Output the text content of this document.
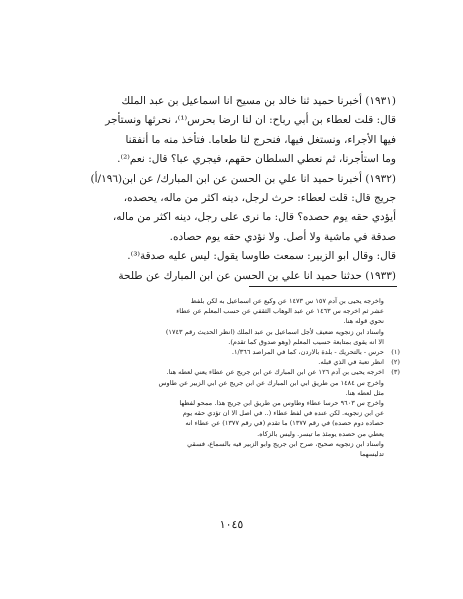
(١٩٣١) أخبرنا حميد ثنا خالد بن مسيح انا اسماعيل بن عبد الملك
قال: قلت لعطاء بن أبي رباح: ان لنا ارضا بحرس⁽¹⁾، نحرثها ونستأجر
فيها الأجراء، ونستغل فيها، فنحرج لنا طعاما. فتأخذ منه ما أنفقنا
وما استأجرنا، ثم نعطي السلطان حقهم، فيجري عبا؟ قال: نعم⁽²⁾.
(١٩٣٢) أخبرنا حميد انا علي بن الحسن عن ابن المبارك/ عن ابن(١٩٦/أ)
جريج قال: قلت لعطاء: حرث لرجل، دينه اكثر من ماله، يحصده،
أيؤدي حقه يوم حصده؟ قال: ما نرى على رجل، دينه اكثر من ماله،
صدقة في ماشية ولا أصل. ولا نؤدي حقه يوم حصاده.
قال: وقال ابو الزبير: سمعت طاوسا يقول: ليس عليه صدقة⁽³⁾.
(١٩٣٣) حدثنا حميد انا علي بن الحسن عن ابن المبارك عن طلحة
واخرجه يحيى بن آدم ١٥٧ س ١٤٧٣ عن وكيع عن اسماعيل به لكن بلفظ
عشر ثم اخرجه س ١٤٦٣ عن عبد الوهاب الثقفي عن حسب المعلم عن عطاء
نحوي قوله هنا.
واسناد ابن زنجويه ضعيف لأجل اسماعيل بن عبد الملك (انظر الحديث رقم ١٧٤٣)
الا انه يقوى بمتابعة حسيب المعلم (وهو صدوق كما تقدم).
(١)حرس - بالتحريك - بلدة بالاردن، كما في المراصد ١/٣٦٦.
(٢)انظر تعبة في الذي قبله.
(٣)اخرجه يحيى بن آدم ١٢٦ عن ابن المبارك عن ابن جريج عن عطاء يعني لعطه هنا.
واخرج س ١٤٨٤ من طريق ابي ابن المبارك عن ابن جريج عن ابي الزبير عن طاوس
مثل لعطه هنا.
واخرج س ٩٦٠٣ حرسا عطاء وطاوس من طريق ابن جريج هذا. ممحو لفظها
عن ابن زنجويه. لكن عنده في لفظ عطاء (.. في اصل الا ان تؤدي حقه يوم
حصاده دوم حصده) في رقم ١٣٧٧) ما تقدم (في رقم ١٣٧٧) عن عطاء انه
يعطي من حصده يومئذ ما تيسر. وليس بالزكاه.
واسناد ابن زنجويه صحيح، صرح ابن جريج وابو الزبير فيه بالسماع، فسقي
تدليسهما
١٠٤٥
